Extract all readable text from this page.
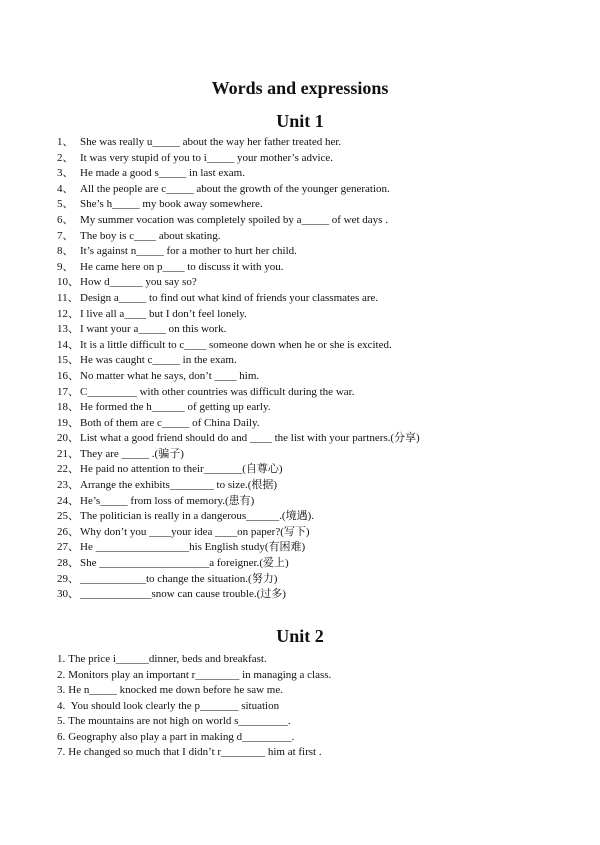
Words and expressions
Unit 1
1、 She was really u_____ about the way her father treated her.
2、 It was very stupid of you to i_____ your mother’s advice.
3、 He made a good s_____ in last exam.
4、 All the people are c_____ about the growth of the younger generation.
5、 She’s h_____ my book away somewhere.
6、 My summer vocation was completely spoiled by a_____ of wet days .
7、 The boy is c____ about skating.
8、 It’s against n_____ for a mother to hurt her child.
9、 He came here on p____ to discuss it with you.
10、How d______ you say so?
11、Design a_____ to find out what kind of friends your classmates are.
12、I live all a____ but I don’t feel lonely.
13、I want your a_____ on this work.
14、It is a little difficult to c____ someone down when he or she is excited.
15、He was caught c_____ in the exam.
16、No matter what he says, don’t ____ him.
17、C_________ with other countries was difficult during the war.
18、He formed the h______ of getting up early.
19、Both of them are c_____ of China Daily.
20、List what a good friend should do and ____ the list with your partners.(分享)
21、They are _____ .(骗子)
22、He paid no attention to their_______(自尊心)
23、Arrange the exhibits________ to size.(根据)
24、He’s_____ from loss of memory.(患有)
25、The politician is really in a dangerous______.(境遇).
26、Why don’t you ____your idea ____on paper?(写下)
27、He _________________his English study(有困难)
28、She ____________________a foreigner.(爱上)
29、____________to change the situation.(努力)
30、_____________snow can cause trouble.(过多)
Unit 2
1. The price i______dinner, beds and breakfast.
2. Monitors play an important r________ in managing a class.
3. He n_____ knocked me down before he saw me.
4. You should look clearly the p_______ situation
5. The mountains are not high on world s_________.
6. Geography also play a part in making d_________.
7. He changed so much that I didn’t r________ him at first .
